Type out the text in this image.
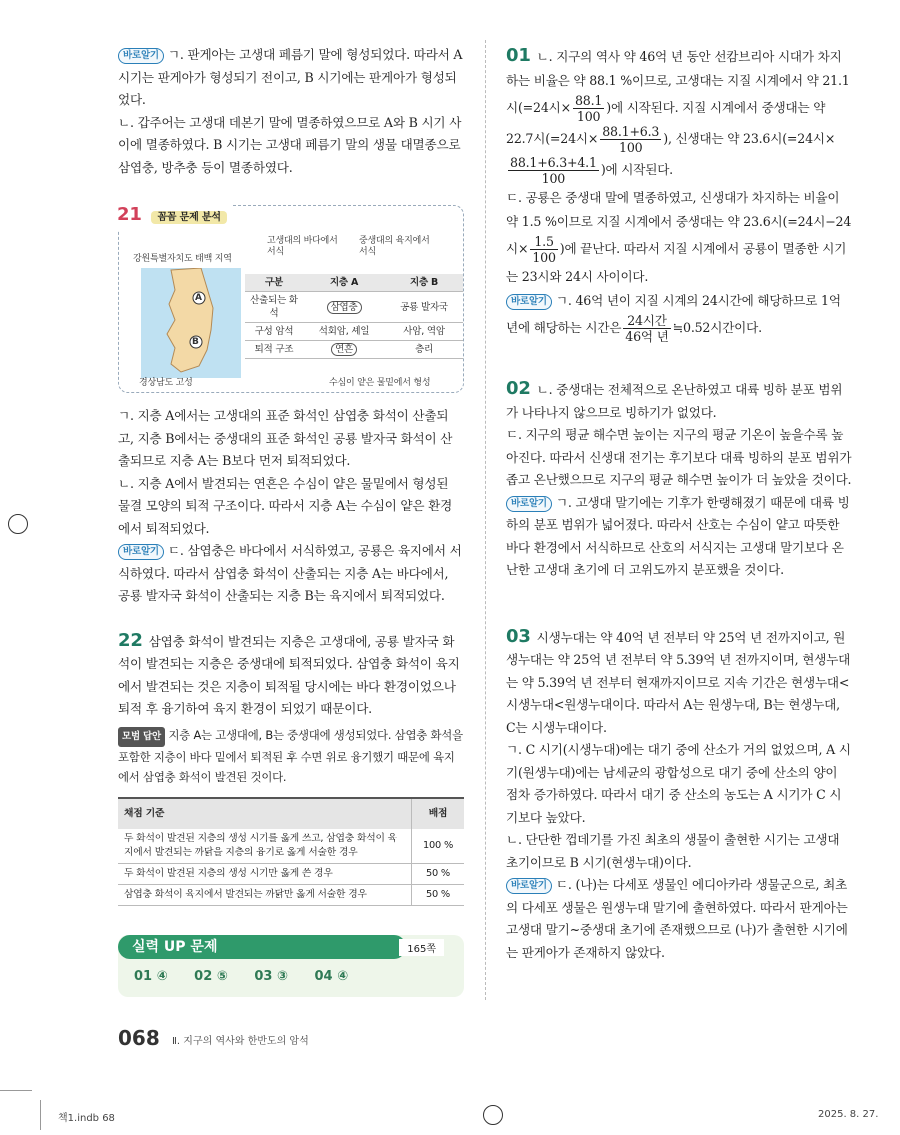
바로알기 ㄱ. 판게아는 고생대 페름기 말에 형성되었다. 따라서 A 시기는 판게아가 형성되기 전이고, B 시기에는 판게아가 형성되었다.

ㄴ. 갑주어는 고생대 데본기 말에 멸종하였으므로 A와 B 시기 사이에 멸종하였다. B 시기는 고생대 페름기 말의 생물 대멸종으로 삼엽충, 방추충 등이 멸종하였다.

21 꼼꼼 문제 분석
고생대의 바다에서 서식
중생대의 육지에서 서식
강원특별자치도 태백 지역
A
B
구분	지층 A	지층 B
산출되는 화석	삼엽충	공룡 발자국
구성 암석	석회암, 셰일	사암, 역암
퇴적 구조	연흔	층리
경상남도 고성	수심이 얕은 물밑에서 형성

ㄱ. 지층 A에서는 고생대의 표준 화석인 삼엽충 화석이 산출되고, 지층 B에서는 중생대의 표준 화석인 공룡 발자국 화석이 산출되므로 지층 A는 B보다 먼저 퇴적되었다.

ㄴ. 지층 A에서 발견되는 연흔은 수심이 얕은 물밑에서 형성된 물결 모양의 퇴적 구조이다. 따라서 지층 A는 수심이 얕은 환경에서 퇴적되었다.

바로알기 ㄷ. 삼엽충은 바다에서 서식하였고, 공룡은 육지에서 서식하였다. 따라서 삼엽충 화석이 산출되는 지층 A는 바다에서, 공룡 발자국 화석이 산출되는 지층 B는 육지에서 퇴적되었다.

22 삼엽충 화석이 발견되는 지층은 고생대에, 공룡 발자국 화석이 발견되는 지층은 중생대에 퇴적되었다. 삼엽충 화석이 육지에서 발견되는 것은 지층이 퇴적될 당시에는 바다 환경이었으나 퇴적 후 융기하여 육지 환경이 되었기 때문이다.

모범 답안 지층 A는 고생대에, B는 중생대에 생성되었다. 삼엽충 화석을 포함한 지층이 바다 밑에서 퇴적된 후 수면 위로 융기했기 때문에 육지에서 삼엽충 화석이 발견된 것이다.

채점 기준	배점
두 화석이 발견된 지층의 생성 시기를 옳게 쓰고, 삼엽충 화석이 육지에서 발견되는 까닭을 지층의 융기로 옳게 서술한 경우	100 %
두 화석이 발견된 지층의 생성 시기만 옳게 쓴 경우	50 %
삼엽충 화석이 육지에서 발견되는 까닭만 옳게 서술한 경우	50 %
실력 UP 문제	165쪽
01 ④ 02 ⑤ 03 ③ 04 ④

01 ㄴ. 지구의 역사 약 46억 년 동안 선캄브리아 시대가 차지하는 비율은 약 88.1 %이므로, 고생대는 지질 시계에서 약 21.1시(=24시× $\frac{88.1}{100}$ )에 시작된다. 지질 시계에서 중생대는 약 22.7시(=24시× $\frac{88.1+6.3}{100}$ ), 신생대는 약 23.6시(=24시×
$\frac{88.1+6.3+4.1}{100}$ )에 시작된다.

ㄷ. 공룡은 중생대 말에 멸종하였고, 신생대가 차지하는 비율이 약 1.5 %이므로 지질 시계에서 중생대는 약 23.6시(=24시−24시× $\frac{1.5}{100}$ )에 끝난다. 따라서 지질 시계에서 공룡이 멸종한 시기는 23시와 24시 사이이다.

바로알기 ㄱ. 46억 년이 지질 시계의 24시간에 해당하므로 1억 년에 해당하는 시간은 $\frac{\text{24시간}}{\text{46억 년}}$ ≒0.52시간이다.

02 ㄴ. 중생대는 전체적으로 온난하였고 대륙 빙하 분포 범위가 나타나지 않으므로 빙하기가 없었다.

ㄷ. 지구의 평균 해수면 높이는 지구의 평균 기온이 높을수록 높아진다. 따라서 신생대 전기는 후기보다 대륙 빙하의 분포 범위가 좁고 온난했으므로 지구의 평균 해수면 높이가 더 높았을 것이다.

바로알기 ㄱ. 고생대 말기에는 기후가 한랭해졌기 때문에 대륙 빙하의 분포 범위가 넓어졌다. 따라서 산호는 수심이 얕고 따뜻한 바다 환경에서 서식하므로 산호의 서식지는 고생대 말기보다 온난한 고생대 초기에 더 고위도까지 분포했을 것이다.

03 시생누대는 약 40억 년 전부터 약 25억 년 전까지이고, 원생누대는 약 25억 년 전부터 약 5.39억 년 전까지이며, 현생누대는 약 5.39억 년 전부터 현재까지이므로 지속 기간은 현생누대<시생누대<원생누대이다. 따라서 A는 원생누대, B는 현생누대, C는 시생누대이다.

ㄱ. C 시기(시생누대)에는 대기 중에 산소가 거의 없었으며, A 시기(원생누대)에는 남세균의 광합성으로 대기 중에 산소의 양이 점차 증가하였다. 따라서 대기 중 산소의 농도는 A 시기가 C 시기보다 높았다.

ㄴ. 단단한 껍데기를 가진 최초의 생물이 출현한 시기는 고생대 초기이므로 B 시기(현생누대)이다.

바로알기 ㄷ. (나)는 다세포 생물인 에디아카라 생물군으로, 최초의 다세포 생물은 원생누대 말기에 출현하였다. 따라서 판게아는 고생대 말기~중생대 초기에 존재했으므로 (나)가 출현한 시기에는 판게아가 존재하지 않았다.

068 Ⅱ. 지구의 역사와 한반도의 암석
책1.indb 68	2025. 8. 27.
